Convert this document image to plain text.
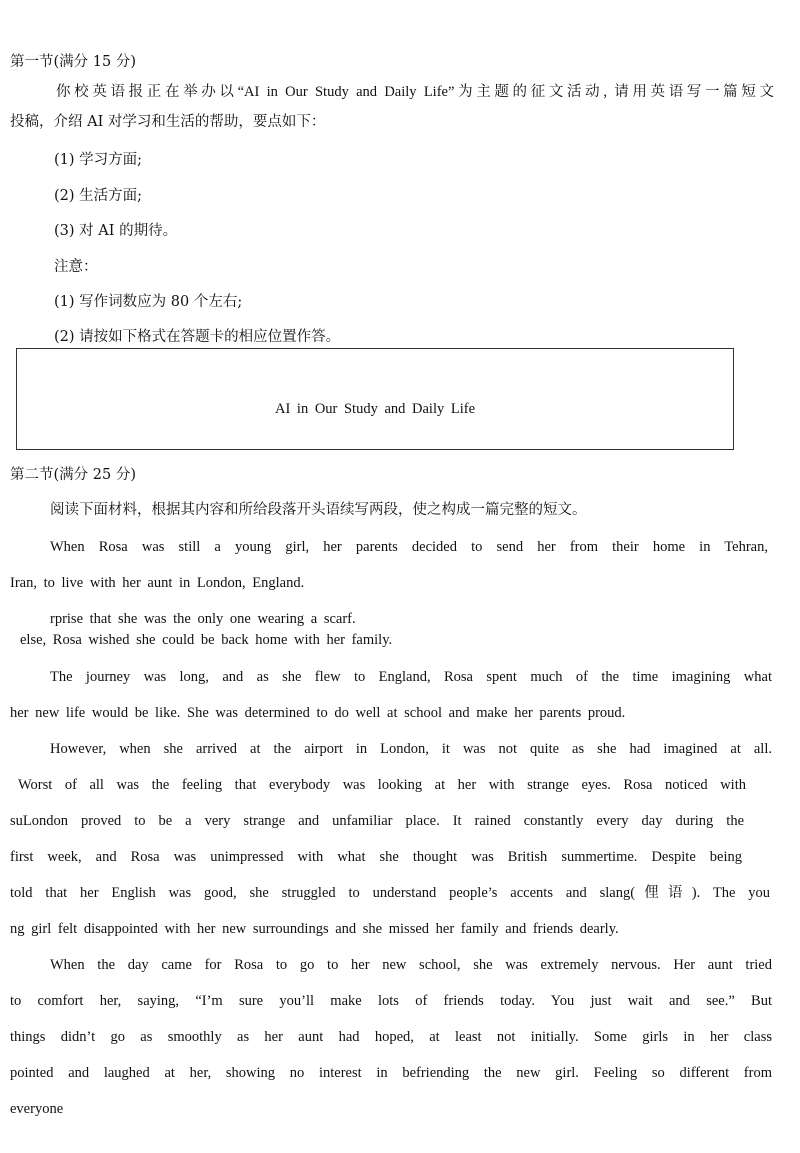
第一节(满分 15 分)
你校英语报正在举办以“AI in Our Study and Daily Life”为主题的征文活动, 请用英语写一篇短文
投稿，介绍 AI 对学习和生活的帮助，要点如下：
(1) 学习方面;
(2) 生活方面;
(3) 对 AI 的期待。
注意：
(1) 写作词数应为 80 个左右;
(2) 请按如下格式在答题卡的相应位置作答。
AI in Our Study and Daily Life
第二节(满分 25 分)
阅读下面材料，根据其内容和所给段落开头语续写两段，使之构成一篇完整的短文。
When Rosa was still a young girl, her parents decided to send her from their home in Tehran,
Iran, to live with her aunt in London, England.
rprise that she was the only one wearing a scarf.
else, Rosa wished she could be back home with her family.
The journey was long, and as she flew to England, Rosa spent much of the time imagining what
her new life would be like. She was determined to do well at school and make her parents proud.
However, when she arrived at the airport in London, it was not quite as she had imagined at all.
Worst of all was the feeling that everybody was looking at her with strange eyes. Rosa noticed with
suLondon proved to be a very strange and unfamiliar place. It rained constantly every day during the
first week, and Rosa was unimpressed with what she thought was British summertime. Despite being
told that her English was good, she struggled to understand people’s accents and slang(俚语). The you
ng girl felt disappointed with her new surroundings and she missed her family and friends dearly.
When the day came for Rosa to go to her new school, she was extremely nervous. Her aunt tried
to comfort her, saying, “I’m sure you’ll make lots of friends today. You just wait and see.” But
things didn’t go as smoothly as her aunt had hoped, at least not initially. Some girls in her class
pointed and laughed at her, showing no interest in befriending the new girl. Feeling so different from
everyone
